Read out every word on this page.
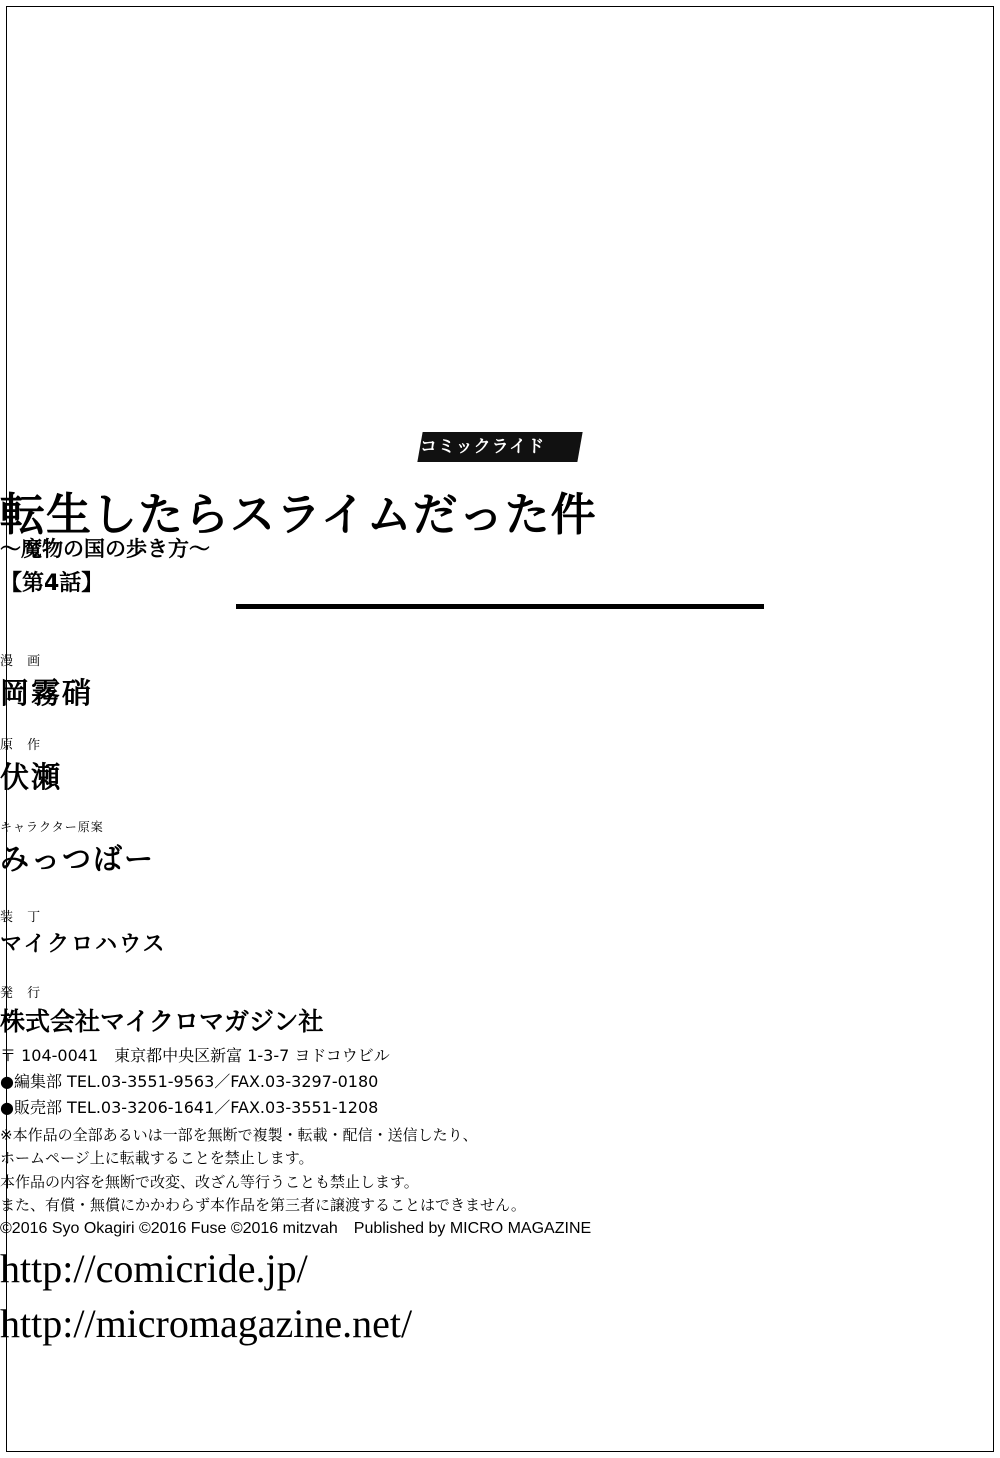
コミックライド
転生したらスライムだった件
～魔物の国の歩き方～
【第4話】
漫 画
岡霧硝
原 作
伏瀬
キャラクター原案
みっつばー
装 丁
マイクロハウス
発 行
株式会社マイクロマガジン社
〒 104-0041　東京都中央区新富 1-3-7 ヨドコウビル
●編集部 TEL.03-3551-9563／FAX.03-3297-0180
●販売部 TEL.03-3206-1641／FAX.03-3551-1208
※本作品の全部あるいは一部を無断で複製・転載・配信・送信したり、
ホームページ上に転載することを禁止します。
本作品の内容を無断で改変、改ざん等行うことも禁止します。
また、有償・無償にかかわらず本作品を第三者に譲渡することはできません。
©2016 Syo Okagiri ©2016 Fuse ©2016 mitzvah　Published by MICRO MAGAZINE
http://comicride.jp/
http://micromagazine.net/
